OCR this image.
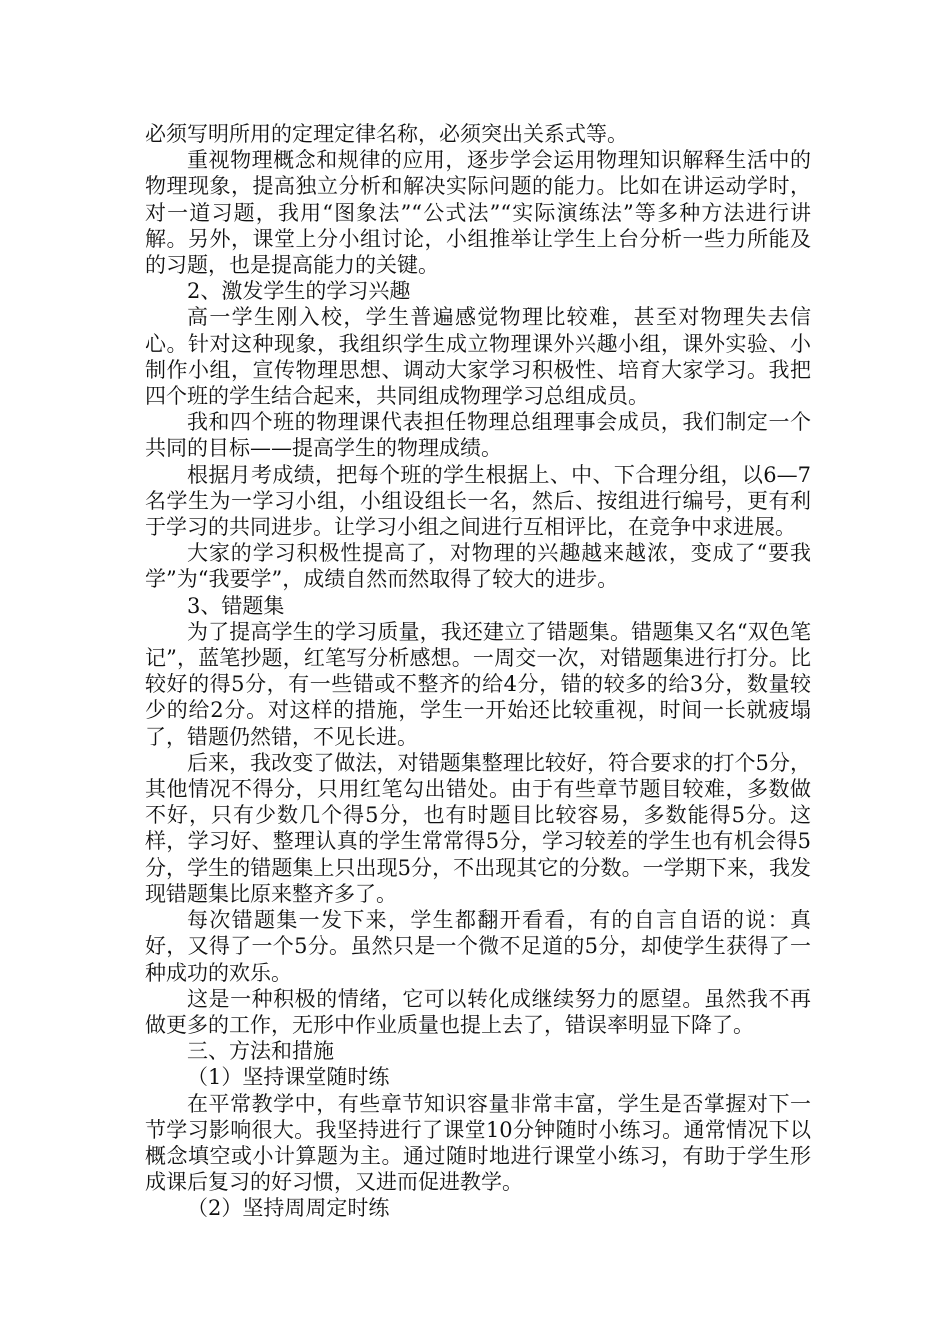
必须写明所用的定理定律名称，必须突出关系式等。

重视物理概念和规律的应用，逐步学会运用物理知识解释生活中的物理现象，提高独立分析和解决实际问题的能力。比如在讲运动学时，对一道习题，我用“图象法”“公式法”“实际演练法”等多种方法进行讲解。另外，课堂上分小组讨论，小组推举让学生上台分析一些力所能及的习题，也是提高能力的关键。

2、激发学生的学习兴趣

高一学生刚入校，学生普遍感觉物理比较难，甚至对物理失去信心。针对这种现象，我组织学生成立物理课外兴趣小组，课外实验、小制作小组，宣传物理思想、调动大家学习积极性、培育大家学习。我把四个班的学生结合起来，共同组成物理学习总组成员。

我和四个班的物理课代表担任物理总组理事会成员，我们制定一个共同的目标——提高学生的物理成绩。

根据月考成绩，把每个班的学生根据上、中、下合理分组，以6—7名学生为一学习小组，小组设组长一名，然后、按组进行编号，更有利于学习的共同进步。让学习小组之间进行互相评比，在竞争中求进展。

大家的学习积极性提高了，对物理的兴趣越来越浓，变成了“要我学”为“我要学”，成绩自然而然取得了较大的进步。

3、错题集

为了提高学生的学习质量，我还建立了错题集。错题集又名“双色笔记”，蓝笔抄题，红笔写分析感想。一周交一次，对错题集进行打分。比较好的得5分，有一些错或不整齐的给4分，错的较多的给3分，数量较少的给2分。对这样的措施，学生一开始还比较重视，时间一长就疲塌了，错题仍然错，不见长进。

后来，我改变了做法，对错题集整理比较好，符合要求的打个5分，其他情况不得分，只用红笔勾出错处。由于有些章节题目较难，多数做不好，只有少数几个得5分，也有时题目比较容易，多数能得5分。这样，学习好、整理认真的学生常常得5分，学习较差的学生也有机会得5分，学生的错题集上只出现5分，不出现其它的分数。一学期下来，我发现错题集比原来整齐多了。

每次错题集一发下来，学生都翻开看看，有的自言自语的说：真好，又得了一个5分。虽然只是一个微不足道的5分，却使学生获得了一种成功的欢乐。

这是一种积极的情绪，它可以转化成继续努力的愿望。虽然我不再做更多的工作，无形中作业质量也提上去了，错误率明显下降了。

三、方法和措施

（1）坚持课堂随时练

在平常教学中，有些章节知识容量非常丰富，学生是否掌握对下一节学习影响很大。我坚持进行了课堂10分钟随时小练习。通常情况下以概念填空或小计算题为主。通过随时地进行课堂小练习，有助于学生形成课后复习的好习惯，又进而促进教学。

（2）坚持周周定时练
